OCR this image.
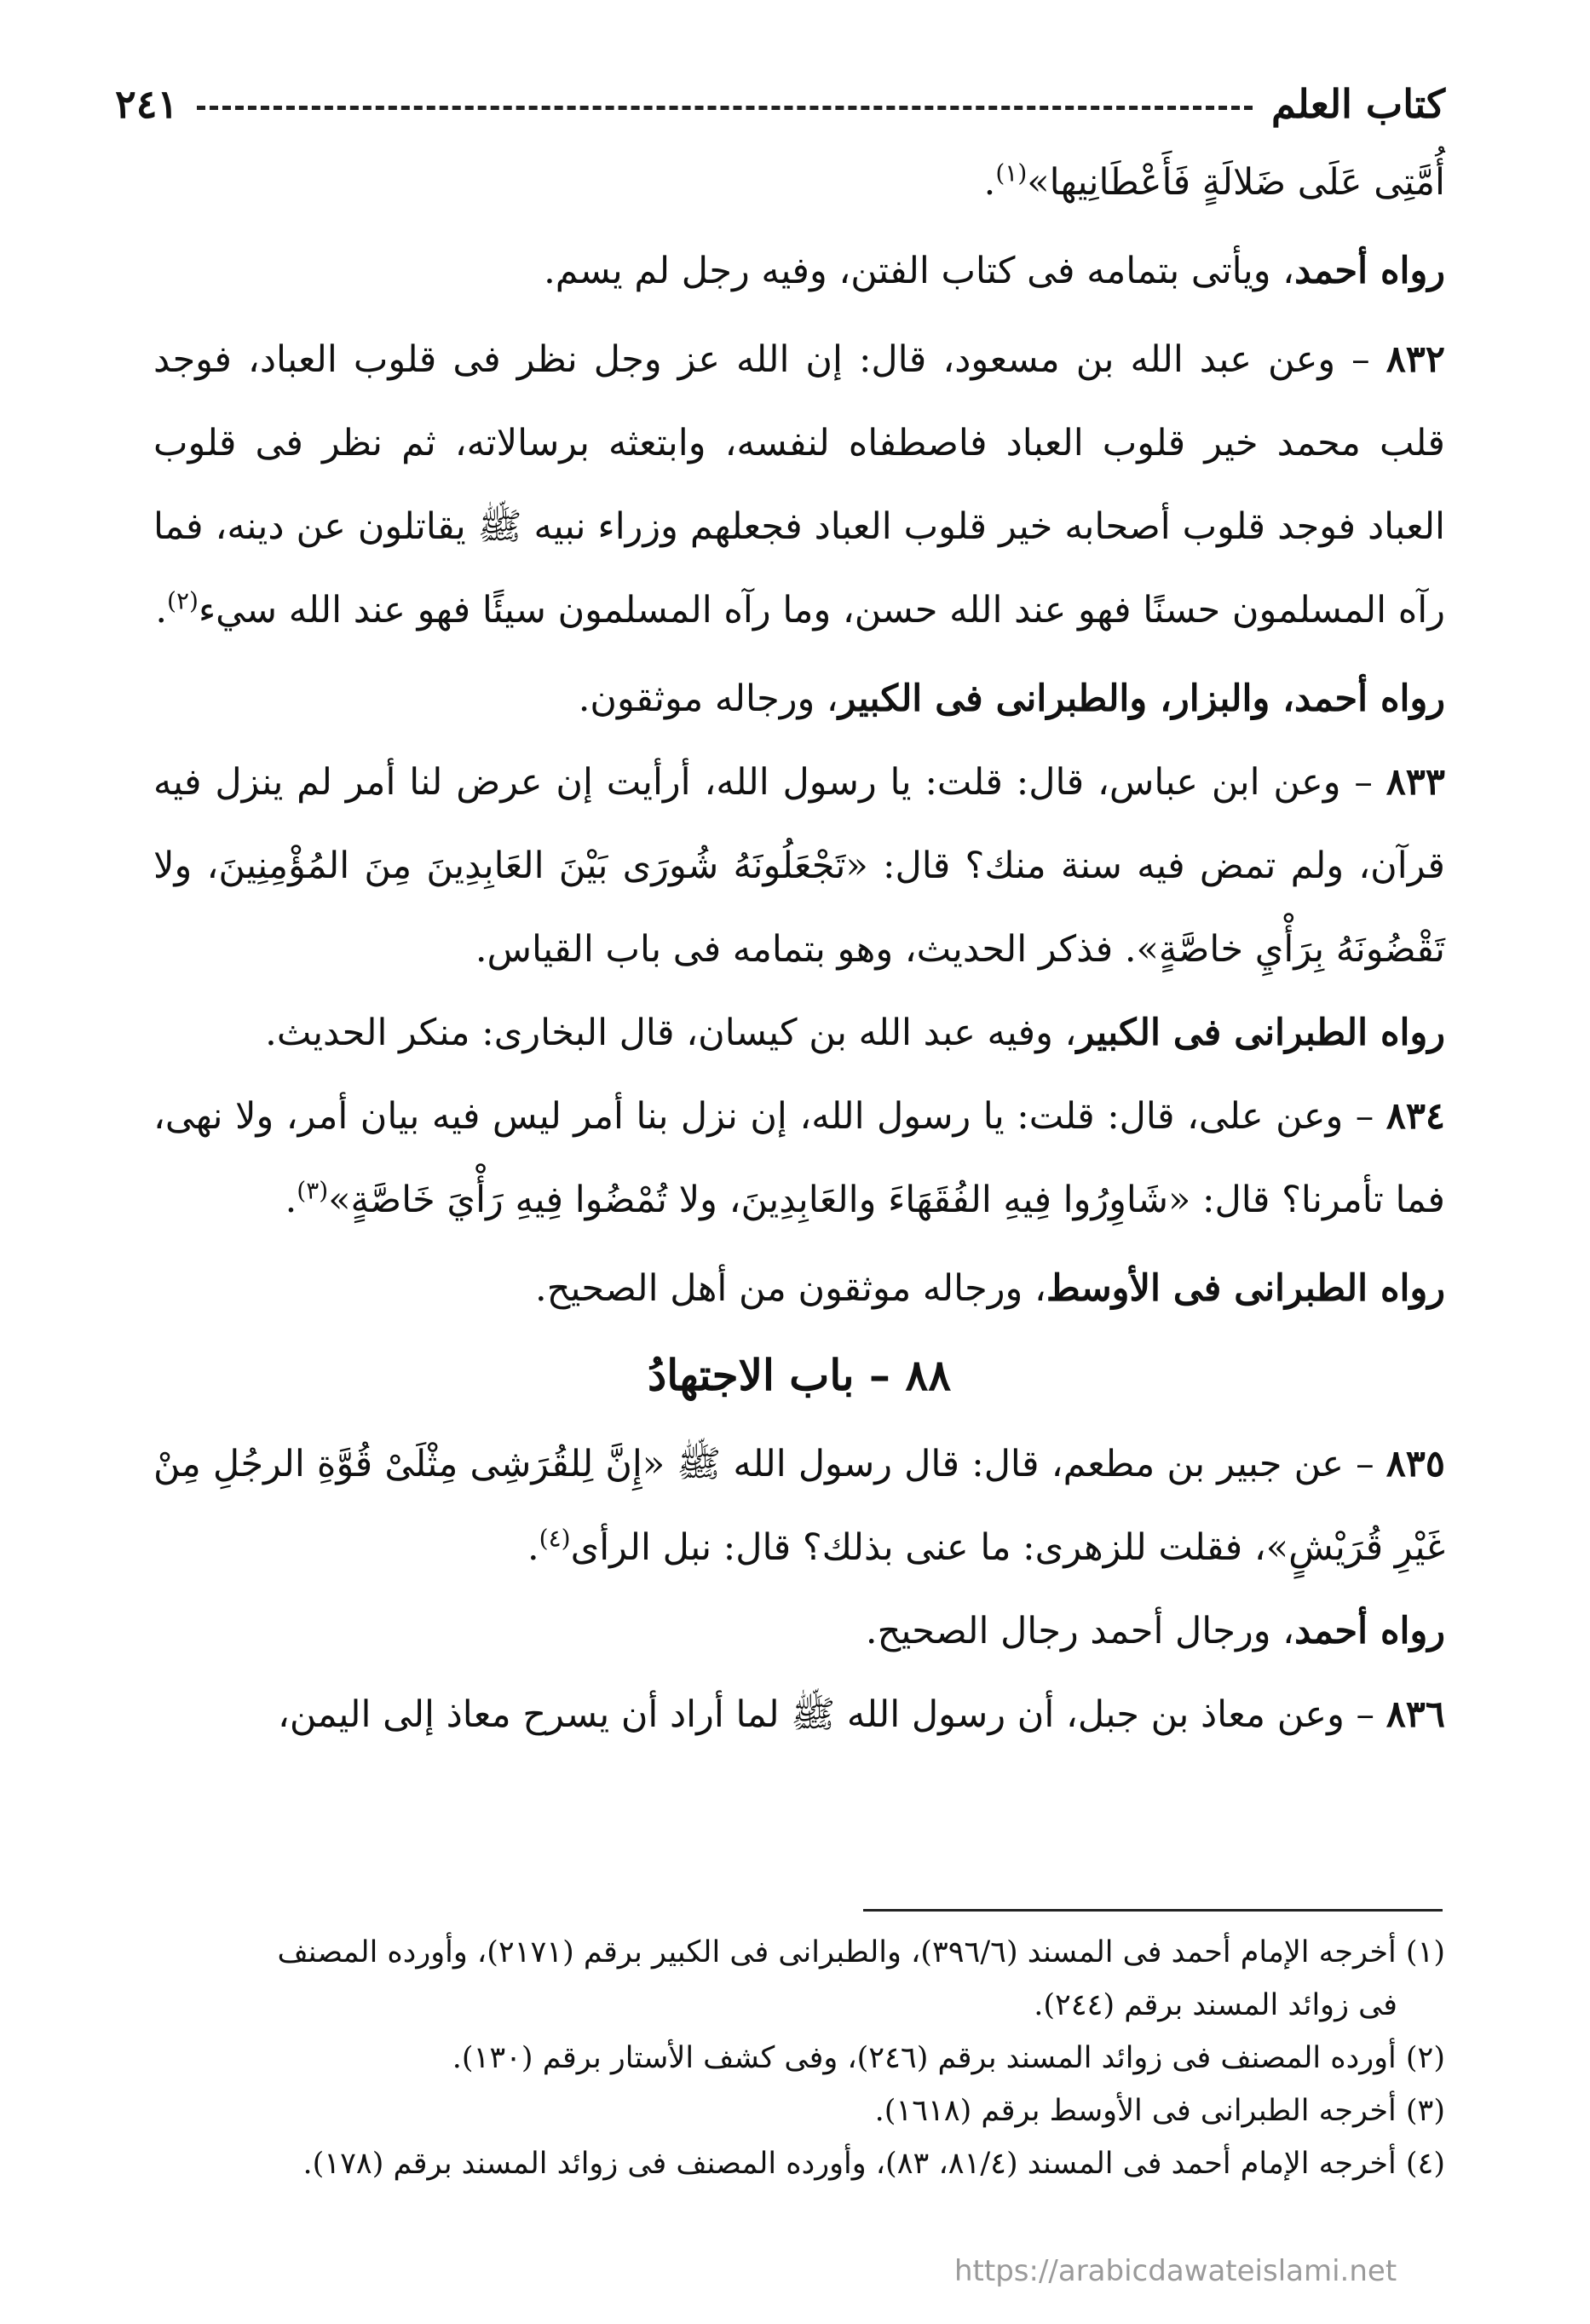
كتاب العلم
٢٤١

أُمَّتِى عَلَى ضَلالَةٍ فَأَعْطَانِيها»$^{(١)}$.

رواه أحمد، ويأتى بتمامه فى كتاب الفتن، وفيه رجل لم يسم.

٨٣٢ – وعن عبد الله بن مسعود، قال: إن الله عز وجل نظر فى قلوب العباد، فوجد قلب محمد خير قلوب العباد فاصطفاه لنفسه، وابتعثه برسالاته، ثم نظر فى قلوب العباد فوجد قلوب أصحابه خير قلوب العباد فجعلهم وزراء نبيه ﷺ يقاتلون عن دينه، فما رآه المسلمون حسنًا فهو عند الله حسن، وما رآه المسلمون سيئًا فهو عند الله سيء$^{(٢)}$.

رواه أحمد، والبزار، والطبرانى فى الكبير، ورجاله موثقون.

٨٣٣ – وعن ابن عباس، قال: قلت: يا رسول الله، أرأيت إن عرض لنا أمر لم ينزل فيه قرآن، ولم تمض فيه سنة منك؟ قال: «تَجْعَلُونَهُ شُورَى بَيْنَ العَابِدِينَ مِنَ المُؤْمِنِينَ، ولا تَقْضُونَهُ بِرَأْيِ خاصَّةٍ». فذكر الحديث، وهو بتمامه فى باب القياس.

رواه الطبرانى فى الكبير، وفيه عبد الله بن كيسان، قال البخارى: منكر الحديث.

٨٣٤ – وعن على، قال: قلت: يا رسول الله، إن نزل بنا أمر ليس فيه بيان أمر، ولا نهى، فما تأمرنا؟ قال: «شَاوِرُوا فِيهِ الفُقَهَاءَ والعَابِدِينَ، ولا تُمْضُوا فِيهِ رَأْيَ خَاصَّةٍ»$^{(٣)}$.

رواه الطبرانى فى الأوسط، ورجاله موثقون من أهل الصحيح.

٨٨ – باب الاجتهادُ

٨٣٥ – عن جبير بن مطعم، قال: قال رسول الله ﷺ «إِنَّ لِلقُرَشِى مِثْلَىْ قُوَّةِ الرجُلِ مِنْ غَيْرِ قُرَيْشٍ»، فقلت للزهرى: ما عنى بذلك؟ قال: نبل الرأى$^{(٤)}$.

رواه أحمد، ورجال أحمد رجال الصحيح.

٨٣٦ – وعن معاذ بن جبل، أن رسول الله ﷺ لما أراد أن يسرح معاذ إلى اليمن،

(١) أخرجه الإمام أحمد فى المسند (٣٩٦/٦)، والطبرانى فى الكبير برقم (٢١٧١)، وأورده المصنف

فى زوائد المسند برقم (٢٤٤).

(٢) أورده المصنف فى زوائد المسند برقم (٢٤٦)، وفى كشف الأستار برقم (١٣٠).

(٣) أخرجه الطبرانى فى الأوسط برقم (١٦١٨).

(٤) أخرجه الإمام أحمد فى المسند (٨١/٤، ٨٣)، وأورده المصنف فى زوائد المسند برقم (١٧٨).

https://arabicdawateislami.net
